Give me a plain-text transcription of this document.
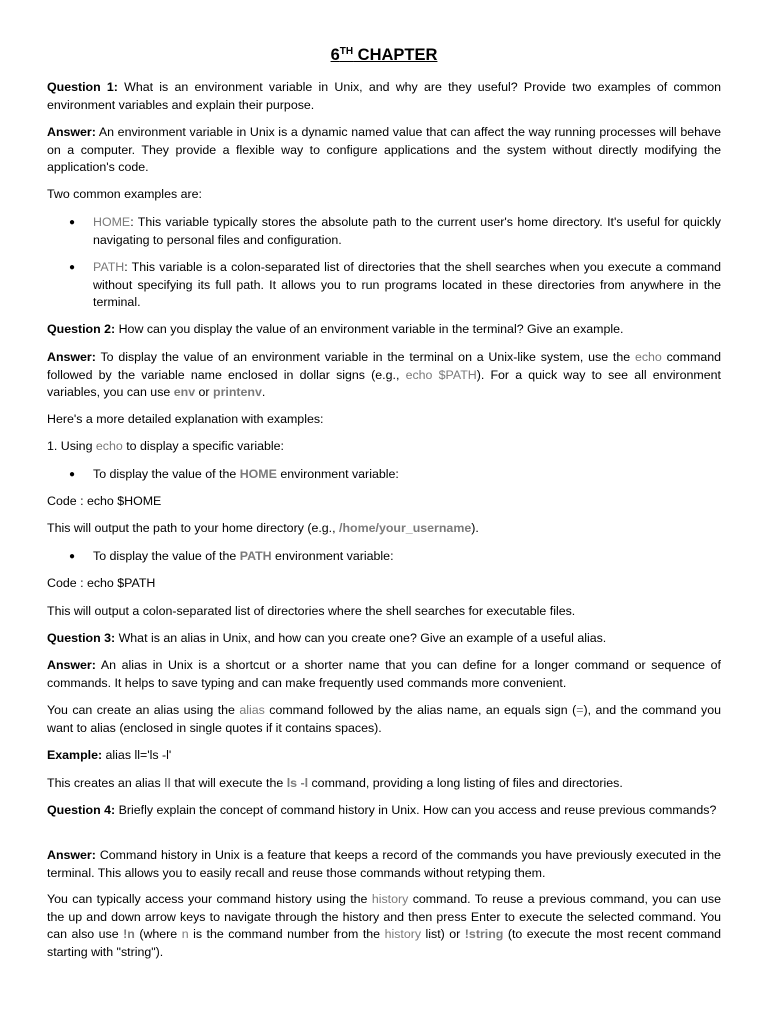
6TH CHAPTER

Question 1: What is an environment variable in Unix, and why are they useful? Provide two examples of common environment variables and explain their purpose.

Answer: An environment variable in Unix is a dynamic named value that can affect the way running processes will behave on a computer. They provide a flexible way to configure applications and the system without directly modifying the application's code.

Two common examples are:

● HOME: This variable typically stores the absolute path to the current user's home directory. It's useful for quickly navigating to personal files and configuration.

● PATH: This variable is a colon-separated list of directories that the shell searches when you execute a command without specifying its full path. It allows you to run programs located in these directories from anywhere in the terminal.

Question 2: How can you display the value of an environment variable in the terminal? Give an example.

Answer: To display the value of an environment variable in the terminal on a Unix-like system, use the echo command followed by the variable name enclosed in dollar signs (e.g., echo $PATH). For a quick way to see all environment variables, you can use env or printenv.

Here's a more detailed explanation with examples:

1. Using echo to display a specific variable:

● To display the value of the HOME environment variable:

Code : echo $HOME

This will output the path to your home directory (e.g., /home/your_username).

● To display the value of the PATH environment variable:

Code : echo $PATH

This will output a colon-separated list of directories where the shell searches for executable files.

Question 3: What is an alias in Unix, and how can you create one? Give an example of a useful alias.

Answer: An alias in Unix is a shortcut or a shorter name that you can define for a longer command or sequence of commands. It helps to save typing and can make frequently used commands more convenient.

You can create an alias using the alias command followed by the alias name, an equals sign (=), and the command you want to alias (enclosed in single quotes if it contains spaces).

Example: alias ll='ls -l'

This creates an alias ll that will execute the ls -l command, providing a long listing of files and directories.

Question 4: Briefly explain the concept of command history in Unix. How can you access and reuse previous commands?

Answer: Command history in Unix is a feature that keeps a record of the commands you have previously executed in the terminal. This allows you to easily recall and reuse those commands without retyping them.

You can typically access your command history using the history command. To reuse a previous command, you can use the up and down arrow keys to navigate through the history and then press Enter to execute the selected command. You can also use !n (where n is the command number from the history list) or !string (to execute the most recent command starting with "string").
